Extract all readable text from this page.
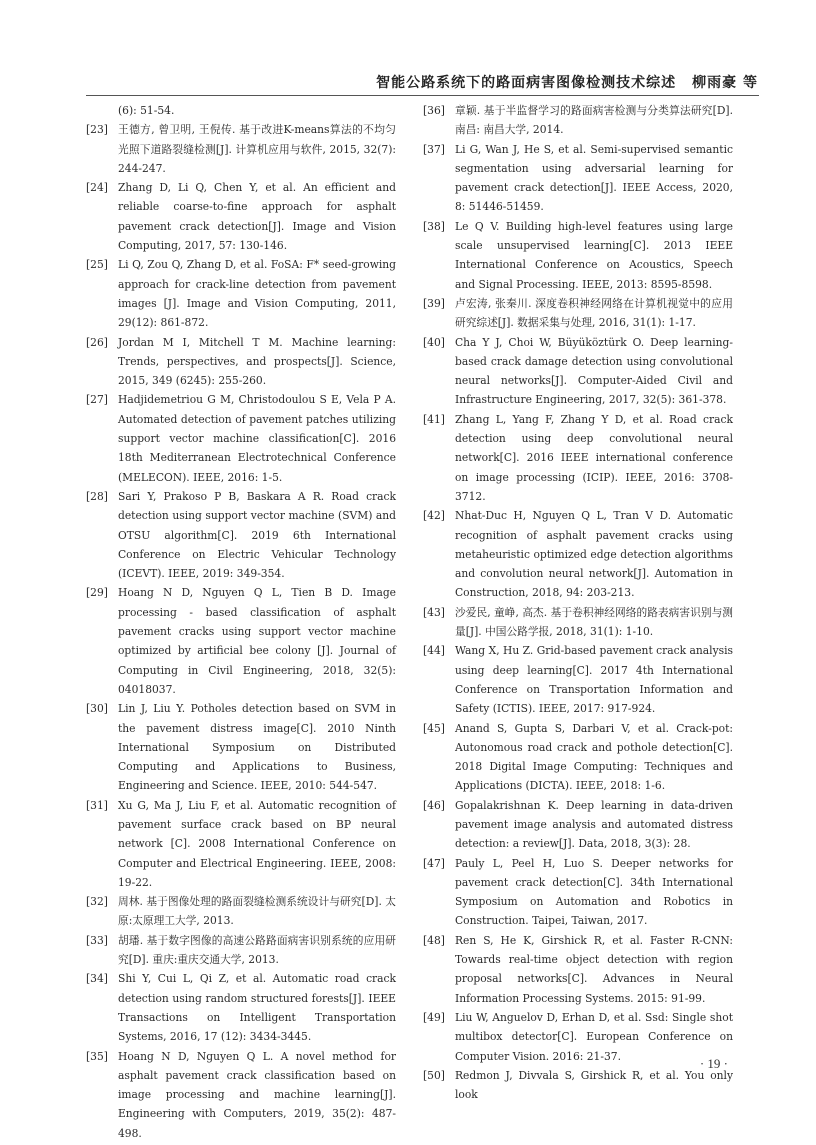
智能公路系统下的路面病害图像检测技术综述 柳雨豪 等
(6): 51-54.
[23] 王德方, 曾卫明, 王倪传. 基于改进K-means算法的不均匀光照下道路裂缝检测[J]. 计算机应用与软件, 2015, 32(7): 244-247.
[24] Zhang D, Li Q, Chen Y, et al. An efficient and reliable coarse-to-fine approach for asphalt pavement crack detection[J]. Image and Vision Computing, 2017, 57: 130-146.
[25] Li Q, Zou Q, Zhang D, et al. FoSA: F* seed-growing approach for crack-line detection from pavement images [J]. Image and Vision Computing, 2011, 29(12): 861-872.
[26] Jordan M I, Mitchell T M. Machine learning: Trends, perspectives, and prospects[J]. Science, 2015, 349 (6245): 255-260.
[27] Hadjidemetriou G M, Christodoulou S E, Vela P A. Automated detection of pavement patches utilizing support vector machine classification[C]. 2016 18th Mediterranean Electrotechnical Conference (MELECON). IEEE, 2016: 1-5.
[28] Sari Y, Prakoso P B, Baskara A R. Road crack detection using support vector machine (SVM) and OTSU algorithm[C]. 2019 6th International Conference on Electric Vehicular Technology (ICEVT). IEEE, 2019: 349-354.
[29] Hoang N D, Nguyen Q L, Tien B D. Image processing - based classification of asphalt pavement cracks using support vector machine optimized by artificial bee colony [J]. Journal of Computing in Civil Engineering, 2018, 32(5): 04018037.
[30] Lin J, Liu Y. Potholes detection based on SVM in the pavement distress image[C]. 2010 Ninth International Symposium on Distributed Computing and Applications to Business, Engineering and Science. IEEE, 2010: 544-547.
[31] Xu G, Ma J, Liu F, et al. Automatic recognition of pavement surface crack based on BP neural network [C]. 2008 International Conference on Computer and Electrical Engineering. IEEE, 2008: 19-22.
[32] 周林. 基于图像处理的路面裂缝检测系统设计与研究[D]. 太原:太原理工大学, 2013.
[33] 胡璠. 基于数字图像的高速公路路面病害识别系统的应用研究[D]. 重庆:重庆交通大学, 2013.
[34] Shi Y, Cui L, Qi Z, et al. Automatic road crack detection using random structured forests[J]. IEEE Transactions on Intelligent Transportation Systems, 2016, 17 (12): 3434-3445.
[35] Hoang N D, Nguyen Q L. A novel method for asphalt pavement crack classification based on image processing and machine learning[J]. Engineering with Computers, 2019, 35(2): 487-498.
[36] 章颖. 基于半监督学习的路面病害检测与分类算法研究[D]. 南昌: 南昌大学, 2014.
[37] Li G, Wan J, He S, et al. Semi-supervised semantic segmentation using adversarial learning for pavement crack detection[J]. IEEE Access, 2020, 8: 51446-51459.
[38] Le Q V. Building high-level features using large scale unsupervised learning[C]. 2013 IEEE International Conference on Acoustics, Speech and Signal Processing. IEEE, 2013: 8595-8598.
[39] 卢宏涛, 张秦川. 深度卷积神经网络在计算机视觉中的应用研究综述[J]. 数据采集与处理, 2016, 31(1): 1-17.
[40] Cha Y J, Choi W, Büyüköztürk O. Deep learning-based crack damage detection using convolutional neural networks[J]. Computer-Aided Civil and Infrastructure Engineering, 2017, 32(5): 361-378.
[41] Zhang L, Yang F, Zhang Y D, et al. Road crack detection using deep convolutional neural network[C]. 2016 IEEE international conference on image processing (ICIP). IEEE, 2016: 3708-3712.
[42] Nhat-Duc H, Nguyen Q L, Tran V D. Automatic recognition of asphalt pavement cracks using metaheuristic optimized edge detection algorithms and convolution neural network[J]. Automation in Construction, 2018, 94: 203-213.
[43] 沙爱民, 童峥, 高杰. 基于卷积神经网络的路表病害识别与测量[J]. 中国公路学报, 2018, 31(1): 1-10.
[44] Wang X, Hu Z. Grid-based pavement crack analysis using deep learning[C]. 2017 4th International Conference on Transportation Information and Safety (ICTIS). IEEE, 2017: 917-924.
[45] Anand S, Gupta S, Darbari V, et al. Crack-pot: Autonomous road crack and pothole detection[C]. 2018 Digital Image Computing: Techniques and Applications (DICTA). IEEE, 2018: 1-6.
[46] Gopalakrishnan K. Deep learning in data-driven pavement image analysis and automated distress detection: a review[J]. Data, 2018, 3(3): 28.
[47] Pauly L, Peel H, Luo S. Deeper networks for pavement crack detection[C]. 34th International Symposium on Automation and Robotics in Construction. Taipei, Taiwan, 2017.
[48] Ren S, He K, Girshick R, et al. Faster R-CNN: Towards real-time object detection with region proposal networks[C]. Advances in Neural Information Processing Systems. 2015: 91-99.
[49] Liu W, Anguelov D, Erhan D, et al. Ssd: Single shot multibox detector[C]. European Conference on Computer Vision. 2016: 21-37.
[50] Redmon J, Divvala S, Girshick R, et al. You only look
· 19 ·
